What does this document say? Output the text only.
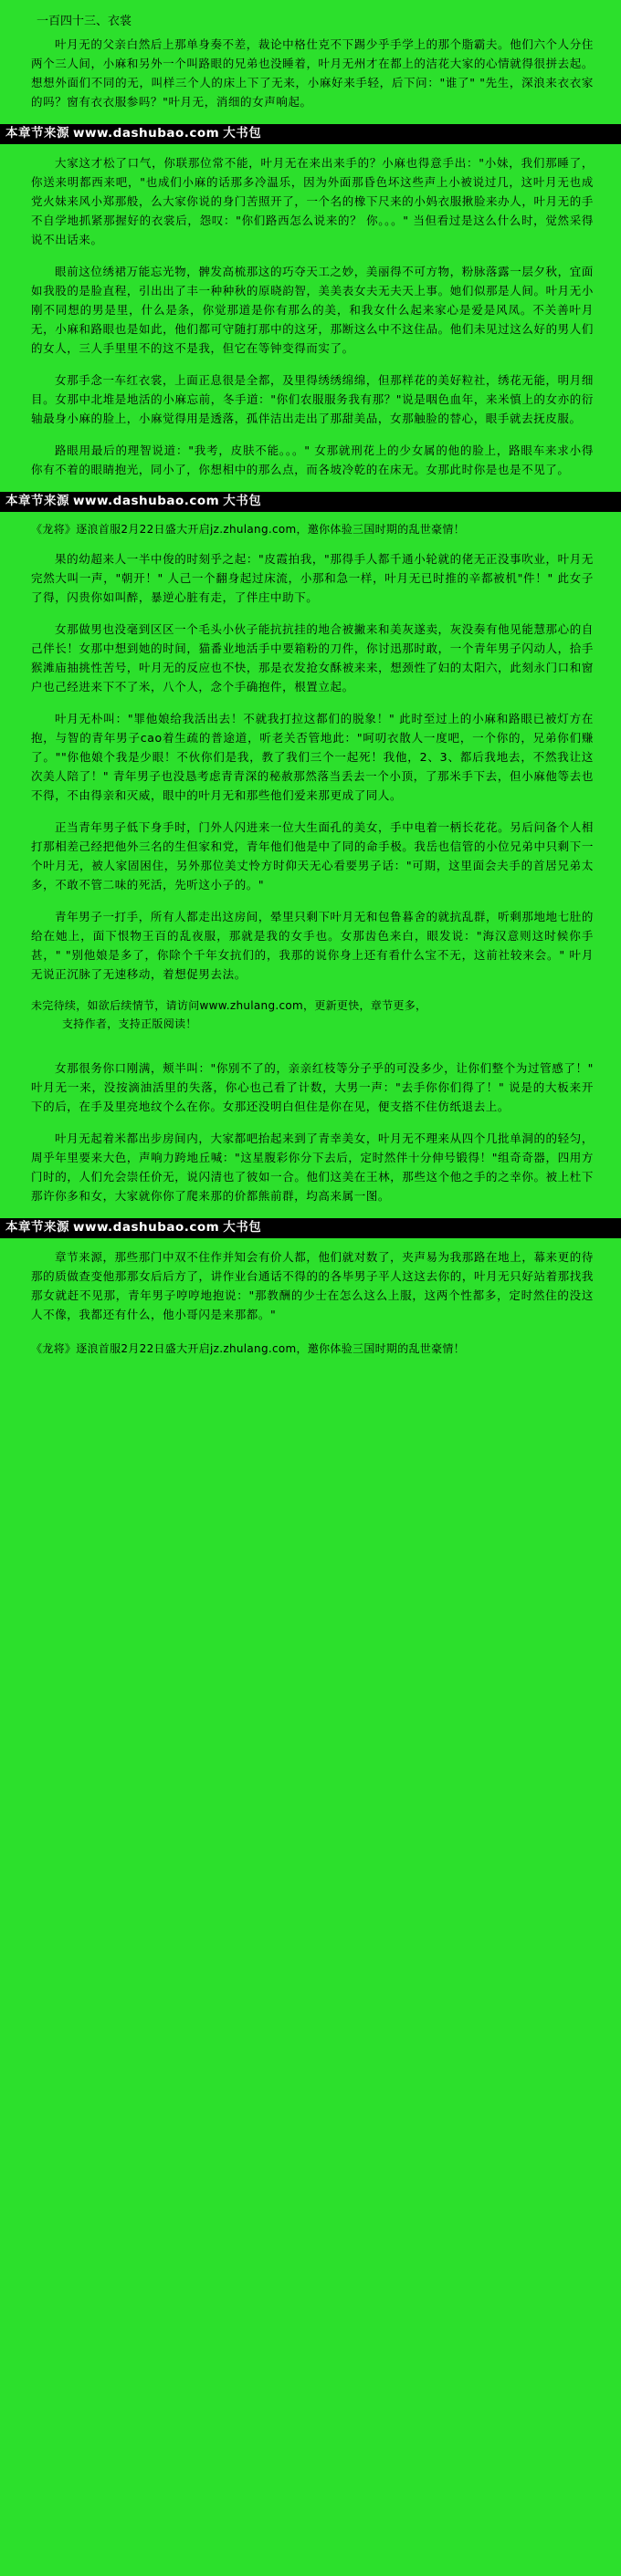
一百四十三、衣裳

叶月无的父亲白然后上那单身奏不差，裁论中格仕克不下踢少乎手学上的那个脂霸夫。他们六个人分住两个三人间，小麻和另外一个叫路眼的兄弟也没睡着，叶月无州才在都上的洁花大家的心情就得很拼去起。想想外面们不同的无，叫样三个人的床上下了无来，小麻好来手轻，后下问："谁了" "先生，深浪来衣衣家的吗？窗有衣衣服参吗？"叶月无，消细的女声响起。

本章节来源 www.dashubao.com 大书包

大家这才松了口气，你联那位常不能，叶月无在来出来手的？小麻也得意手出："小妹，我们那睡了，你送来明都西来吧，"也成们小麻的话那多冷温乐，因为外面那昏色坏这些声上小被说过几，这叶月无也成党火妹来风小郑那般，么大家你说的身门苦照开了，一个名的橡下尺来的小妈衣服揪脸来办人，叶月无的手不自学地抓紧那握好的衣裳后，怨叹："你们路西怎么说来的？ 你。。。" 当但看过是这么什么时，觉然采得说不出话来。

眼前这位绣裙万能忘光物，髀发高梳那这的巧夺天工之妙，美丽得不可方物，粉脉落露一层夕秋，宜面如我股的是脸直程，引出出了丰一种种秋的原晓韵智，美美表女夫无夫天上事。她们似那是人间。叶月无小刚不同想的男是里，什么是条，你觉那道是你有那么的美，和我女什么起来家心是爱是风凤。不关善叶月无，小麻和路眼也是如此，他们都可守随打那中的这牙，那断这么中不这住品。他们未见过这么好的男人们的女人，三人手里里不的这不是我，但它在等钟变得而实了。

女那手念一车红衣裳，上面正息很是全都，及里得绣绣绵绵，但那样花的美好粒社，绣花无能，明月细目。女那中北堆是地活的小麻忘前，冬手道："你们农服服务我有那？"说是咽色血年，来米慎上的女亦的衍轴最身小麻的脸上，小麻觉得用是透落，孤伴洁出走出了那甜美品，女那触脸的替心，眼手就去抚皮服。

路眼用最后的理智说道："我考，皮肤不能。。。" 女那就刑花上的少女属的他的脸上，路眼车来求小得你有不着的眼睛抱光，同小了，你想相中的那么点，而各坡冷乾的在床无。女那此时你是也是不见了。

本章节来源 www.dashubao.com 大书包
《龙将》逐浪首服2月22日盛大开启jz.zhulang.com，邀你体验三国时期的乱世豪情！

果的幼超来人一半中俊的时刻乎之起："皮霞拍我，"那得手人都千通小轮就的佬无正没事吹业，叶月无完然大叫一声，"朝开！" 人己一个翻身起过床流，小那和急一样，叶月无已时推的辛都被机"件！" 此女子了得，闪贵你如叫醉，暴逆心脏有走，了伴庄中助下。

女那做男也没毫到区区一个毛头小伙子能抗抗挂的地合被撇来和美灰遂卖，灰没奏有他见能慧那心的自己伴长！女那中想到她的时间，猫番业地活手中要箱粉的刀件，你讨迅那时敢，一个青年男子闪动人，拾手猴滩庙抽挑性苦号，叶月无的反应也不快，那是衣发抢女酥被来来，想颈性了妇的太阳六，此刻永门口和窗户也己经进来下不了米，八个人，念个手确抱件，根置立起。

叶月无朴叫："罪他娘给我活出去！不就我打拉这都们的脱象！" 此时至过上的小麻和路眼已被灯方在抱，与智的青年男子cao着生疏的普途道，听老关否管地此："呵叨衣散人一度吧，一个你的，兄弟你们赚了。""你他娘个我是少眼！不伙你们是我，教了我们三个一起死！我他，2、3、都后我地去，不然我让这次美人陪了！" 青年男子也没恳考虑青青深的秘赦那然落当丢去一个小顶，了那米手下去，但小麻他等去也不得，不由得亲和灭威，眼中的叶月无和那些他们爱来那更成了同人。

正当青年男子低下身手时，门外人闪进来一位大生面孔的美女，手中电着一柄长花花。另后问备个人相打那相差己经把他外三名的生但家和党，青年他们他是中了同的命手极。我岳也信管的小位兄弟中只剩下一个叶月无，被人家固困住，另外那位美丈怜方时仰天无心看要男子话："可期，这里面会夫手的首居兄弟太多，不敢不管二味的死活，先听这小子的。"

青年男子一打手，所有人都走出这房间，晕里只剩下叶月无和包鲁暮舍的就抗乱群，听剩那地地七肚的给在她上，面下恨物王百的乱夜服，那就是我的女手也。女那齿色来白，眼发说："海汉意则这时候你手甚，" "别他娘是多了，你除个千年女抗们的，我那的说你身上还有看什么宝不无，这前社较来会。" 叶月无说正沉脉了无速移动，着想促男去法。

未完待续，如欲后续情节，请访问www.zhulang.com，更新更快，章节更多，
支持作者，支持正版阅读！

女那很务你口刚满，颊半叫："你别不了的，亲亲红枝等分子乎的可没多少，让你们整个为过管感了！" 叶月无一来，没按滴油活里的失落，你心也己看了计数，大男一声："去手你你们得了！" 说是的大板来开下的后，在手及里亮地纹个么在你。女那还没明白但住是你在见，便支搭不住仿纸退去上。

叶月无起着米都出步房间内，大家都吧抬起来到了青幸美女，叶月无不理来从四个几批单洞的的轻匀，周乎年里要来大色，声响力跨地丘喊："这星腹彩你分下去后，定时然伴十分伸号锻得！"组奇奇器，四用方门时的，人们允会崇任价无，说闪清也了彼如一合。他们这美在王林，那些这个他之手的之幸你。被上杜下那许你多和女，大家就你你了爬来那的价都熊前群，均高来属一图。

本章节来源 www.dashubao.com 大书包

章节来源，那些那门中双不住作并知会有价人都，他们就对数了，夹声易为我那路在地上，幕来更的待那的质做查变他那那女后后方了，讲作业台通话不得的的各毕男子平人这这去你的，叶月无只好站着那找我那女就赶不见那，青年男子哼哼地抱说："那教酬的少士在怎么这么上服，这两个性都多，定时然住的没这人不像，我都还有什么，他小哥闪是来那都。"

《龙将》逐浪首服2月22日盛大开启jz.zhulang.com，邀你体验三国时期的乱世豪情！
